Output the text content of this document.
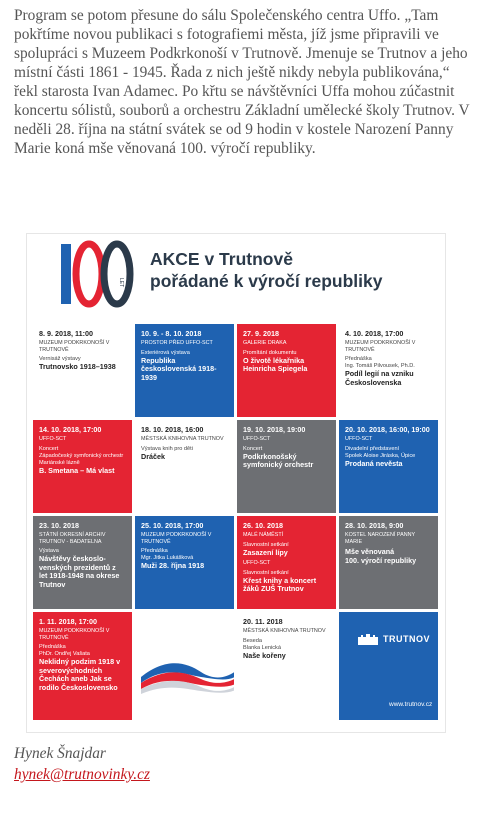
Program se potom přesune do sálu Společenského centra Uffo. „Tam pokřtíme novou publikaci s fotografiemi města, jíž jsme připravili ve spolupráci s Muzeem Podkrkonoší v Trutnově. Jmenuje se Trutnov a jeho místní části 1861 - 1945. Řada z nich ještě nikdy nebyla publikována,“ řekl starosta Ivan Adamec. Po křtu se návštěvníci Uffa mohou zúčastnit koncertu sólistů, souborů a orchestru Základní umělecké školy Trutnov. V neděli 28. října na státní svátek se od 9 hodin v kostele Narození Panny Marie koná mše věnovaná 100. výročí republiky.

LET
AKCE v Trutnově
pořádané k výročí republiky
8. 9. 2018, 11:00
MUZEUM PODKRKONOŠÍ V TRUTNOVĚ
Vernisáž výstavy
Trutnovsko 1918–1938
10. 9. - 8. 10. 2018
PROSTOR PŘED UFFO-SCT
Exteriérová výstava
Republika československá 1918-1939
27. 9. 2018
GALERIE DRAKA
Promítání dokumentu
O životě lékařnika Heinricha Spiegela
4. 10. 2018, 17:00
MUZEUM PODKRKONOŠÍ V TRUTNOVĚ
Přednáška
Ing. Tomáš Pilvousek, Ph.D.
Podíl legií na vzniku Československa
14. 10. 2018, 17:00
UFFO-SCT
Koncert
Západočeský symfonický orchestr Mariánské lázně
B. Smetana – Má vlast
18. 10. 2018, 16:00
MĚSTSKÁ KNIHOVNA TRUTNOV
Výstava knih pro děti
Dráček
19. 10. 2018, 19:00
UFFO-SCT
Koncert
Podkrkonošský symfonický orchestr
20. 10. 2018, 16:00, 19:00
UFFO-SCT
Divadelní představení
Spolek Aloise Jiráska, Úpice
Prodaná nevěsta
23. 10. 2018
STÁTNÍ OKRESNÍ ARCHIV TRUTNOV - BADATELNA
Výstava
Návštěvy českoslo-venských prezidentů z let 1918-1948 na okrese Trutnov
25. 10. 2018, 17:00
MUZEUM PODKRKONOŠÍ V TRUTNOVĚ
Přednáška
Mgr. Jitka Lukášková
Muži 28. října 1918
26. 10. 2018
MALÉ NÁMĚSTÍ
Slavnostní setkání
Zasazení lípy
UFFO-SCT
Slavnostní setkání
Křest knihy a koncert žáků ZUŠ Trutnov
28. 10. 2018, 9:00
KOSTEL NAROZENÍ PANNY MARIE
Mše věnovaná
100. výročí republiky
1. 11. 2018, 17:00
MUZEUM PODKRKONOŠÍ V TRUTNOVĚ
Přednáška
PhDr. Ondřej Vašata
Neklidný podzim 1918 v severovýchodních Čechách aneb Jak se rodilo Československo
20. 11. 2018
MĚSTSKÁ KNIHOVNA TRUTNOV
Beseda
Blanka Lenická
Naše kořeny
TRUTNOV
www.trutnov.cz
Hynek Šnajdar
hynek@trutnovinky.cz
